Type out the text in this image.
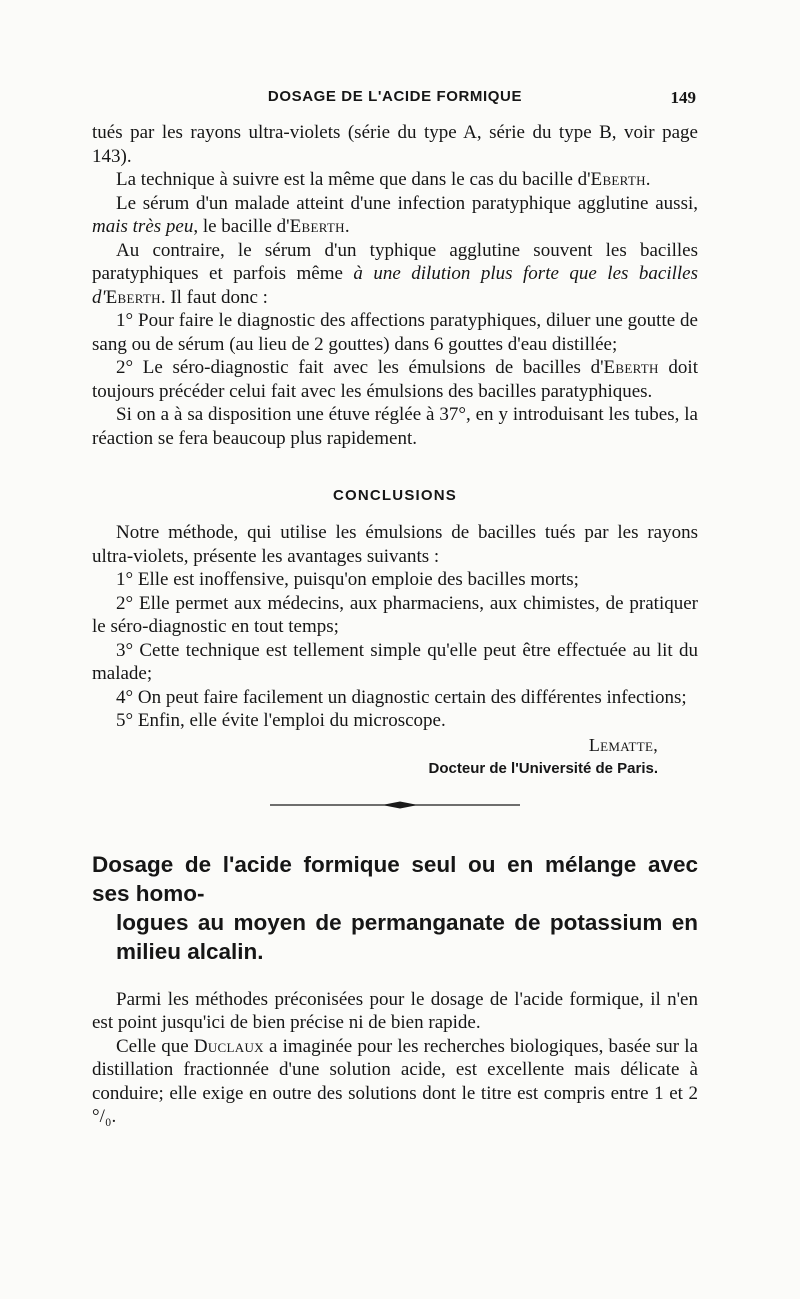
DOSAGE DE L'ACIDE FORMIQUE	149

tués par les rayons ultra-violets (série du type A, série du type B, voir page 143).

La technique à suivre est la même que dans le cas du bacille d'Eberth.

Le sérum d'un malade atteint d'une infection paratyphique agglutine aussi, mais très peu, le bacille d'Eberth.

Au contraire, le sérum d'un typhique agglutine souvent les bacilles paratyphiques et parfois même à une dilution plus forte que les bacilles d'Eberth. Il faut donc :

1° Pour faire le diagnostic des affections paratyphiques, diluer une goutte de sang ou de sérum (au lieu de 2 gouttes) dans 6 gouttes d'eau distillée;

2° Le séro-diagnostic fait avec les émulsions de bacilles d'Eberth doit toujours précéder celui fait avec les émulsions des bacilles paratyphiques.

Si on a à sa disposition une étuve réglée à 37°, en y introduisant les tubes, la réaction se fera beaucoup plus rapidement.

CONCLUSIONS

Notre méthode, qui utilise les émulsions de bacilles tués par les rayons ultra-violets, présente les avantages suivants :

1° Elle est inoffensive, puisqu'on emploie des bacilles morts;

2° Elle permet aux médecins, aux pharmaciens, aux chimistes, de pratiquer le séro-diagnostic en tout temps;

3° Cette technique est tellement simple qu'elle peut être effectuée au lit du malade;

4° On peut faire facilement un diagnostic certain des différentes infections;

5° Enfin, elle évite l'emploi du microscope.

Lematte,
Docteur de l'Université de Paris.
Dosage de l'acide formique seul ou en mélange avec ses homo-
logues au moyen de permanganate de potassium en milieu alcalin.

Parmi les méthodes préconisées pour le dosage de l'acide formique, il n'en est point jusqu'ici de bien précise ni de bien rapide.

Celle que Duclaux a imaginée pour les recherches biologiques, basée sur la distillation fractionnée d'une solution acide, est excellente mais délicate à conduire; elle exige en outre des solutions dont le titre est compris entre 1 et 2 °/₀.
